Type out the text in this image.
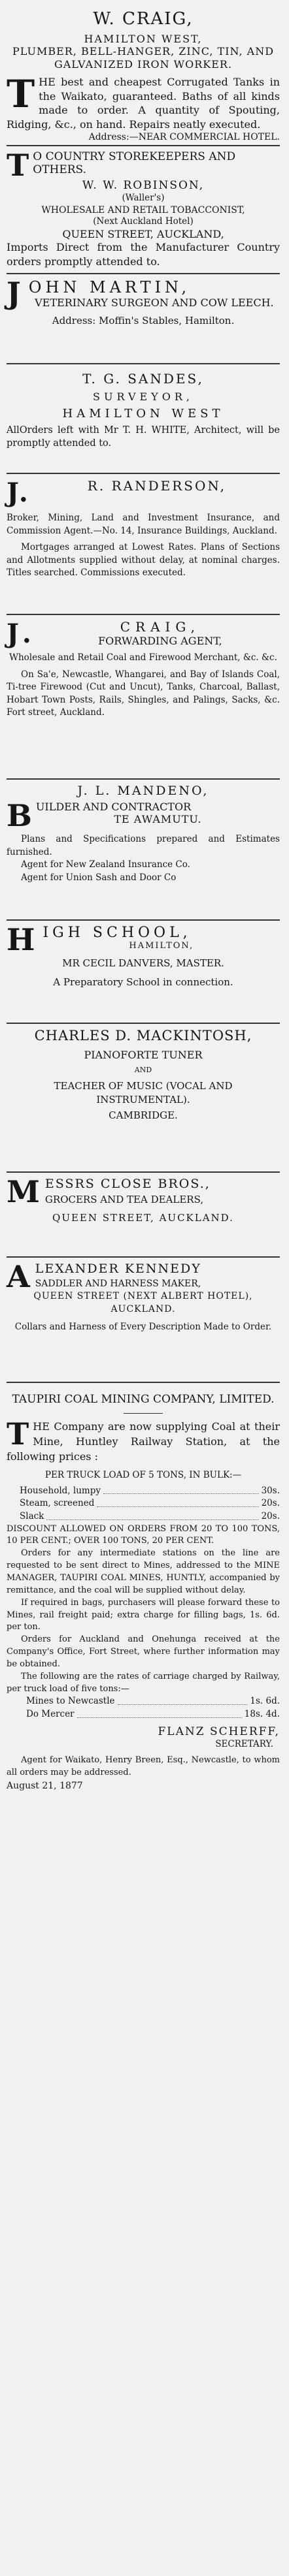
W. CRAIG,
HAMILTON WEST,
PLUMBER, BELL-HANGER, ZINC, TIN, AND GALVANIZED IRON WORKER.
THE best and cheapest Corrugated Tanks in the Waikato, guaranteed. Baths of all kinds made to order. A quantity of Spouting, Ridging, &c., on hand. Repairs neatly executed.
Address:—NEAR COMMERCIAL HOTEL.
T O COUNTRY STOREKEEPERS AND OTHERS.
W. W. ROBINSON,
(Waller's)
WHOLESALE AND RETAIL TOBACCONIST,
(Next Auckland Hotel)
QUEEN STREET, AUCKLAND,
Imports Direct from the Manufacturer Country orders promptly attended to.
JOHN MARTIN,
VETERINARY SURGEON AND COW LEECH.
Address: Moffin's Stables, Hamilton.
T. G. SANDES,
SURVEYOR,
HAMILTON WEST
AllOrders left with Mr T. H. WHITE, Architect, will be promptly attended to.
J.	R. RANDERSON,
Broker, Mining, Land and Investment Insurance, and Commission Agent.—No. 14, Insurance Buildings, Auckland.
Mortgages arranged at Lowest Rates. Plans of Sections and Allotments supplied without delay, at nominal charges. Titles searched. Commissions executed.
J.	CRAIG,
FORWARDING AGENT,
Wholesale and Retail Coal and Firewood Merchant, &c. &c.
On Sa'e, Newcastle, Whangarei, and Bay of Islands Coal, Ti-tree Firewood (Cut and Uncut), Tanks, Charcoal, Ballast, Hobart Town Posts, Rails, Shingles, and Palings, Sacks, &c. Fort street, Auckland.
J. L. MANDENO,
BUILDER AND CONTRACTOR
TE AWAMUTU.
Plans and Specifications prepared and Estimates furnished.
Agent for New Zealand Insurance Co.
Agent for Union Sash and Door Co
HIGH SCHOOL,
HAMILTON,
MR CECIL DANVERS, MASTER.
A Preparatory School in connection.
CHARLES D. MACKINTOSH,
PIANOFORTE TUNER
AND
TEACHER OF MUSIC (VOCAL AND INSTRUMENTAL).
CAMBRIDGE.
MESSRS CLOSE BROS.,
GROCERS AND TEA DEALERS,
QUEEN STREET, AUCKLAND.
ALEXANDER KENNEDY
SADDLER AND HARNESS MAKER,
QUEEN STREET (NEXT ALBERT HOTEL), AUCKLAND.
Collars and Harness of Every Description Made to Order.
TAUPIRI COAL MINING COMPANY, LIMITED.
THE Company are now supplying Coal at their Mine, Huntley Railway Station, at the following prices :
PER TRUCK LOAD OF 5 TONS, IN BULK:—
Household, lumpy	30s.
Steam, screened	20s.
Slack	20s.
DISCOUNT ALLOWED ON ORDERS FROM 20 TO 100 TONS, 10 PER CENT.; OVER 100 TONS, 20 PER CENT.
Orders for any intermediate stations on the line are requested to be sent direct to Mines, addressed to the MINE MANAGER, TAUPIRI COAL MINES, HUNTLY, accompanied by remittance, and the coal will be supplied without delay.
If required in bags, purchasers will please forward these to Mines, rail freight paid; extra charge for filling bags, 1s. 6d. per ton.
Orders for Auckland and Onehunga received at the Company's Office, Fort Street, where further information may be obtained.
The following are the rates of carriage charged by Railway, per truck load of five tons:—
Mines to Newcastle	1s. 6d.
Do Mercer	18s. 4d.
FLANZ SCHERFF,
SECRETARY.
Agent for Waikato, Henry Breen, Esq., Newcastle, to whom all orders may be addressed.
August 21, 1877
